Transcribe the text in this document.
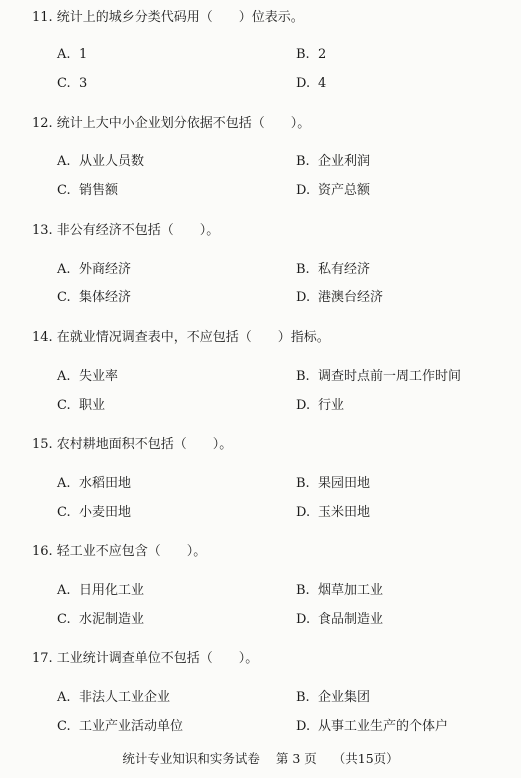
11. 统计上的城乡分类代码用（　　）位表示。
A. 1	B. 2
C. 3	D. 4
12. 统计上大中小企业划分依据不包括（　　）。
A. 从业人员数	B. 企业利润
C. 销售额	D. 资产总额
13. 非公有经济不包括（　　）。
A. 外商经济	B. 私有经济
C. 集体经济	D. 港澳台经济
14. 在就业情况调查表中，不应包括（　　）指标。
A. 失业率	B. 调查时点前一周工作时间
C. 职业	D. 行业
15. 农村耕地面积不包括（　　）。
A. 水稻田地	B. 果园田地
C. 小麦田地	D. 玉米田地
16. 轻工业不应包含（　　）。
A. 日用化工业	B. 烟草加工业
C. 水泥制造业	D. 食品制造业
17. 工业统计调查单位不包括（　　）。
A. 非法人工业企业	B. 企业集团
C. 工业产业活动单位	D. 从事工业生产的个体户
统计专业知识和实务试卷 第 3 页 （共15页）
